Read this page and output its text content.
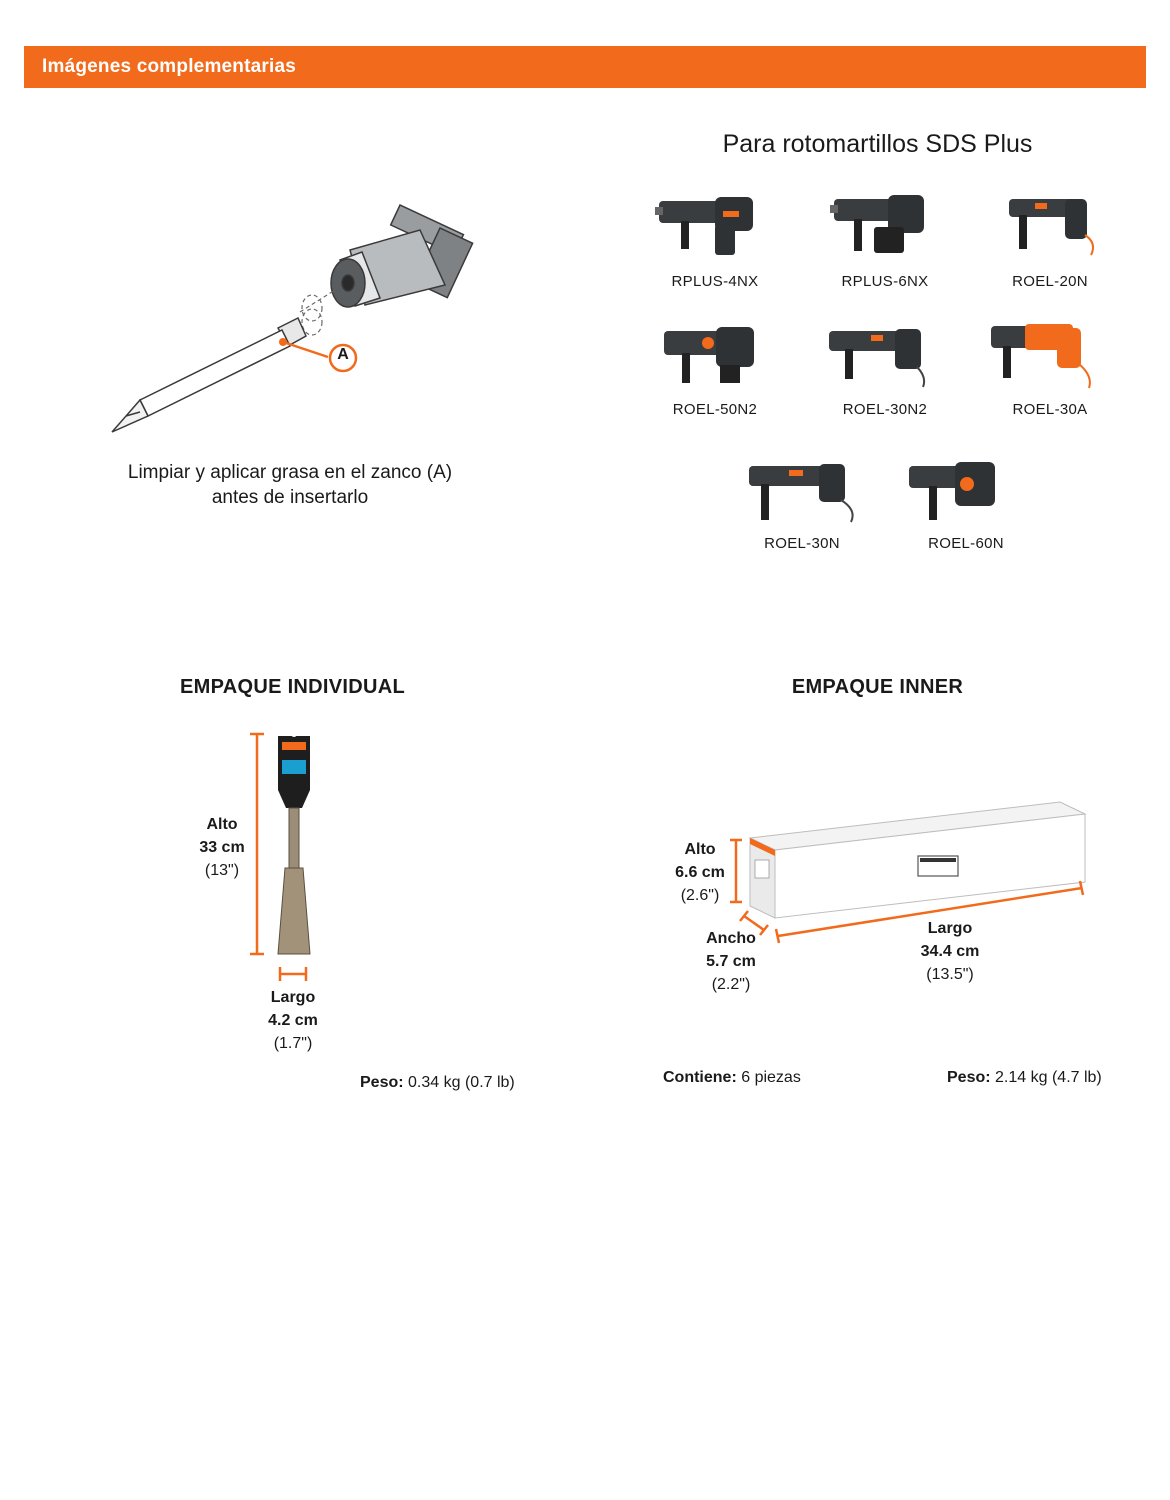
Imágenes complementarias
A
Limpiar y aplicar grasa en el zanco (A)
antes de insertarlo
Para rotomartillos SDS Plus
RPLUS-4NX	RPLUS-6NX	ROEL-20N
ROEL-50N2	ROEL-30N2	ROEL-30A
ROEL-30N	ROEL-60N
EMPAQUE INDIVIDUAL
Alto
33 cm
(13")
Largo
4.2 cm
(1.7")
Peso: 0.34 kg (0.7 lb)
EMPAQUE INNER
Alto
6.6 cm
(2.6")
Ancho
5.7 cm
(2.2")
Largo
34.4 cm
(13.5")
Contiene: 6 piezas	Peso: 2.14 kg (4.7 lb)
